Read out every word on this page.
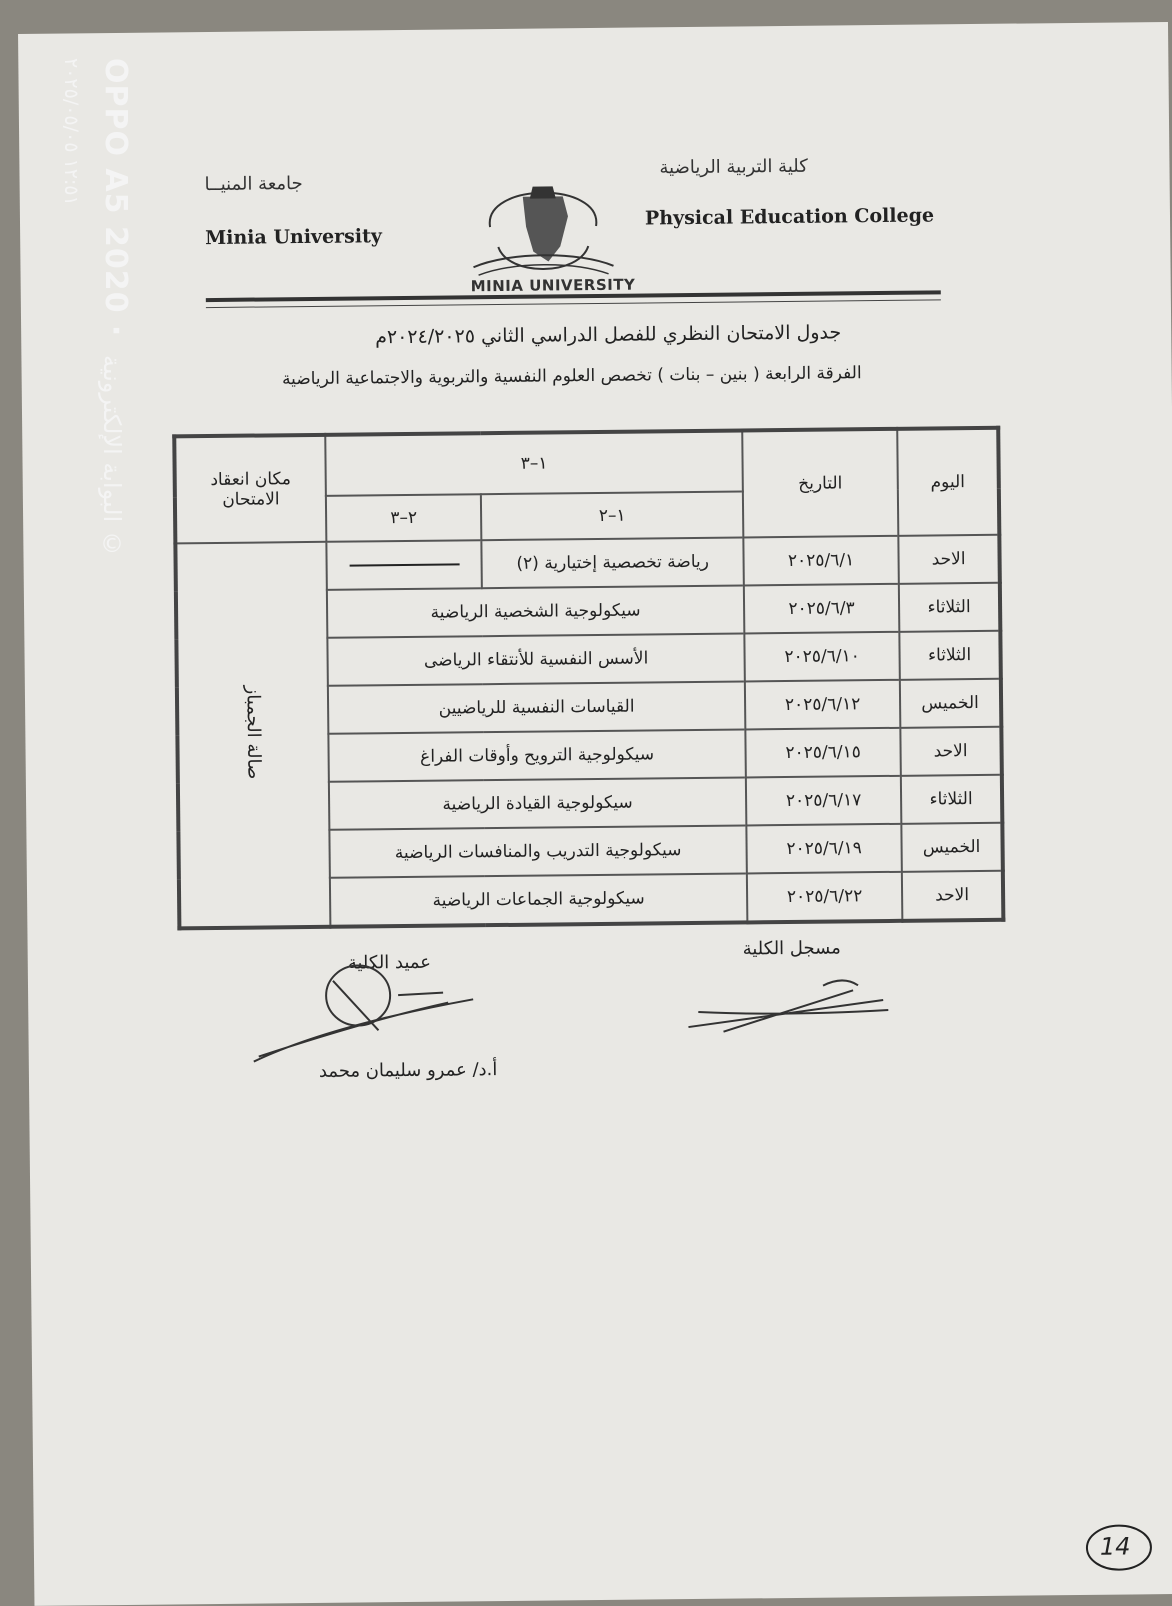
جامعة المنيــا
Minia University
كلية التربية الرياضية
Physical Education College
MINIA UNIVERSITY
جدول الامتحان النظري للفصل الدراسي الثاني ٢٠٢٤/٢٠٢٥م
الفرقة الرابعة ( بنين – بنات ) تخصص العلوم النفسية والتربوية والاجتماعية الرياضية
اليوم	التاريخ	١–٣		مكان انعقاد الامتحان
		١–٢	٢–٣	
الاحد	٢٠٢٥/٦/١	رياضة تخصصية إختيارية (٢)		صالة الجمباز
الثلاثاء	٢٠٢٥/٦/٣	سيكولوجية الشخصية الرياضية		
الثلاثاء	٢٠٢٥/٦/١٠	الأسس النفسية للأنتقاء الرياضى		
الخميس	٢٠٢٥/٦/١٢	القياسات النفسية للرياضيين		
الاحد	٢٠٢٥/٦/١٥	سيكولوجية الترويح وأوقات الفراغ		
الثلاثاء	٢٠٢٥/٦/١٧	سيكولوجية القيادة الرياضية		
الخميس	٢٠٢٥/٦/١٩	سيكولوجية التدريب والمنافسات الرياضية		
الاحد	٢٠٢٥/٦/٢٢	سيكولوجية الجماعات الرياضية		
مسجل الكلية
عميد الكلية
أ.د/ عمرو سليمان محمد
14
OPPO A5 2020 ·
١٢:٥١ ٢٠٢٥/٠٥/٠٥
البوابة الإلكترونية ©
